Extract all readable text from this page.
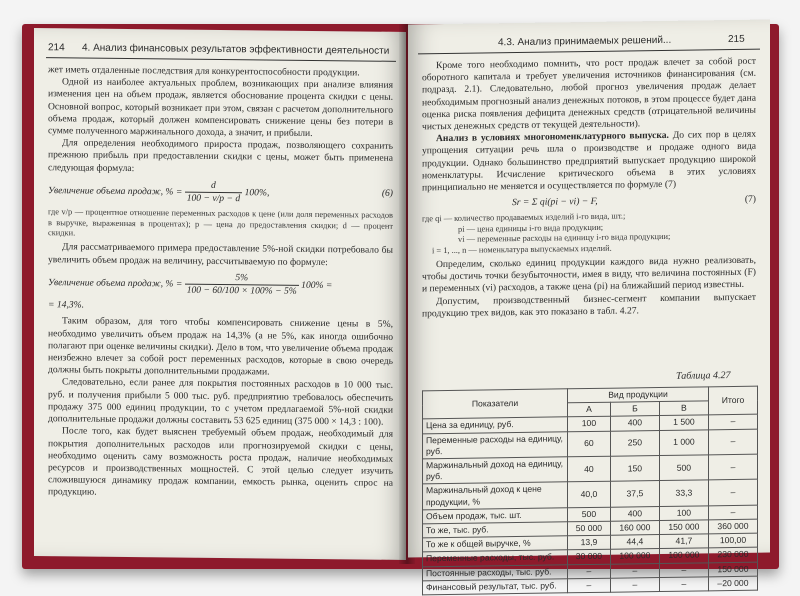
214 4. Анализ финансовых результатов эффективности деятельности

жет иметь отдаленные последствия для конкурентоспособности продукции.

Одной из наиболее актуальных проблем, возникающих при анализе влияния изменения цен на объем продаж, является обоснование процента скидки с цены. Основной вопрос, который возникает при этом, связан с расчетом дополнительного объема продаж, который должен компенсировать снижение цены без потери в сумме полученного маржинального дохода, а значит, и прибыли.

Для определения необходимого прироста продаж, позволяющего сохранить прежнюю прибыль при предоставлении скидки с цены, может быть применена следующая формула:

Увеличение объема продаж, % = $\frac{d}{100 - v/p - d} 100\%$,	(6)
где v/p — процентное отношение переменных расходов к цене (или доля переменных расходов в выручке, выраженная в процентах); p — цена до предоставления скидки; d — процент скидки.

Для рассматриваемого примера предоставление 5%-ной скидки потребовало бы увеличить объем продаж на величину, рассчитываемую по формуле:

Увеличение объема продаж, % = $\frac{5\%}{100 - 60/100 \times 100\% - 5\%} 100\%$ =
= 14,3%.

Таким образом, для того чтобы компенсировать снижение цены в 5%, необходимо увеличить объем продаж на 14,3% (а не 5%, как иногда ошибочно полагают при оценке величины скидки). Дело в том, что увеличение объема продаж неизбежно влечет за собой рост переменных расходов, которые в свою очередь должны быть покрыты дополнительными продажами.

Следовательно, если ранее для покрытия постоянных расходов в 10 000 тыс. руб. и получения прибыли 5 000 тыс. руб. предприятию требовалось обеспечить продажу 375 000 единиц продукции, то с учетом предлагаемой 5%-ной скидки дополнительные продажи должны составить 53 625 единиц (375 000 × 14,3 : 100).

После того, как будет выяснен требуемый объем продаж, необходимый для покрытия дополнительных расходов или прогнозируемой скидки с цены, необходимо оценить саму возможность роста продаж, наличие необходимых ресурсов и производственных мощностей. С этой целью следует изучить сложившуюся динамику продаж компании, емкость рынка, оценить спрос на продукцию.

4.3. Анализ принимаемых решений...	215

Кроме того необходимо помнить, что рост продаж влечет за собой рост оборотного капитала и требует увеличения источников финансирования (см. подразд. 2.1). Следовательно, любой прогноз увеличения продаж делает необходимым прогнозный анализ денежных потоков, в этом процессе будет дана оценка риска появления дефицита денежных средств (отрицательной величины чистых денежных средств от текущей деятельности).

Анализ в условиях многономенклатурного выпуска. До сих пор в целях упрощения ситуации речь шла о производстве и продаже одного вида продукции. Однако большинство предприятий выпускает продукцию широкой номенклатуры. Исчисление критического объема в этих условиях принципиально не меняется и осуществляется по формуле (7)

Sr = Σ qi(pi − vi) − F,	(7)
где qi — количество продаваемых изделий i-го вида, шт.;
pi — цена единицы i-го вида продукции;
vi — переменные расходы на единицу i-го вида продукции;
i = 1, ..., n — номенклатура выпускаемых изделий.

Определим, сколько единиц продукции каждого вида нужно реализовать, чтобы достичь точки безубыточности, имея в виду, что величина постоянных (F) и переменных (vi) расходов, а также цена (pi) на ближайший период известны.

Допустим, производственный бизнес-сегмент компании выпускает продукцию трех видов, как это показано в табл. 4.27.

Таблица 4.27
Показатели	Вид продукции			Итого
	А	Б	В	
Цена за единицу, руб.	100	400	1 500	–
Переменные расходы на единицу, руб.	60	250	1 000	–
Маржинальный доход на единицу, руб.	40	150	500	–
Маржинальный доход к цене продукции, %	40,0	37,5	33,3	–
Объем продаж, тыс. шт.	500	400	100	–
То же, тыс. руб.	50 000	160 000	150 000	360 000
То же к общей выручке, %	13,9	44,4	41,7	100,00
Переменные расходы, тыс. руб.	30 000	100 000	100 000	230 000
Постоянные расходы, тыс. руб.	–	–	–	150 000
Финансовый результат, тыс. руб.	–	–	–	–20 000
